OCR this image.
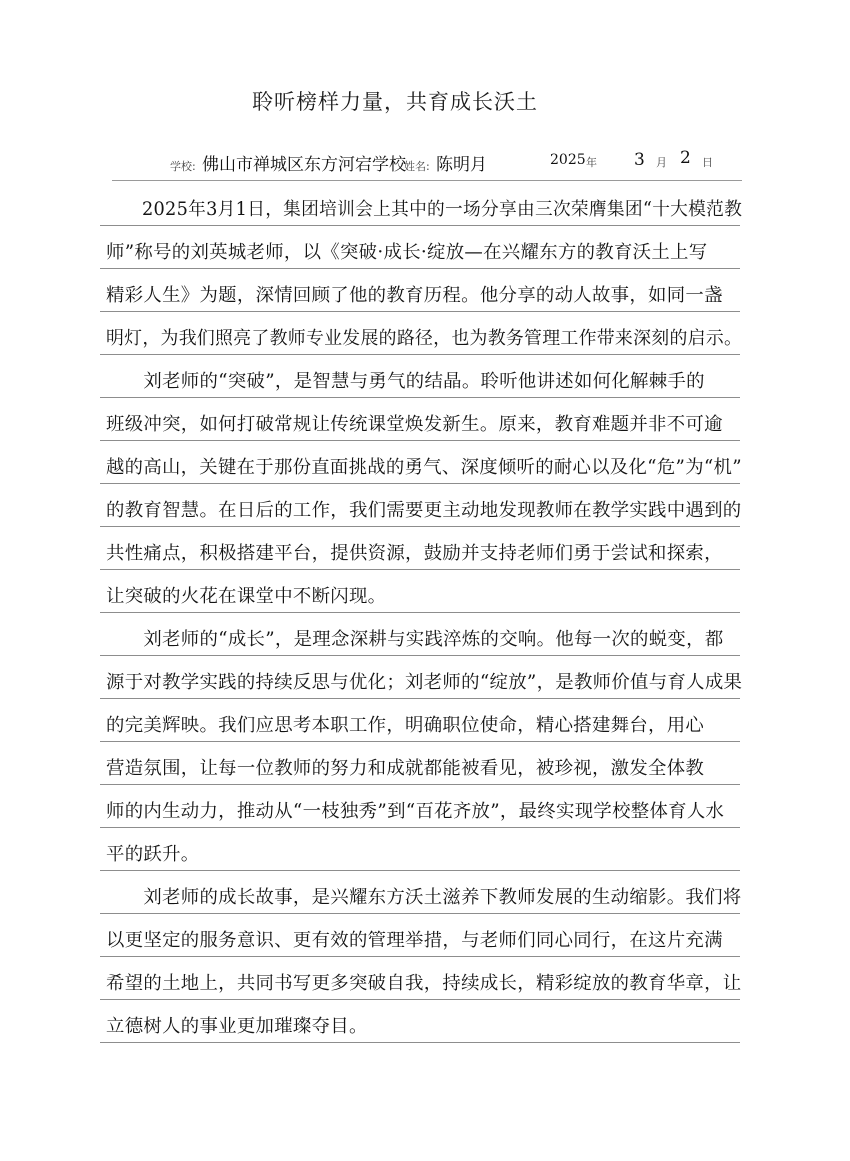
聆听榜样力量，共育成长沃土
学校: 佛山市禅城区东方河宕学校
姓名: 陈明月	2025 年 3 月 2 日
　　2025年3月1日，集团培训会上其中的一场分享由三次荣膺集团“十大模范教
师”称号的刘英城老师，以《突破·成长·绽放—在兴耀东方的教育沃土上写
精彩人生》为题，深情回顾了他的教育历程。他分享的动人故事，如同一盏
明灯，为我们照亮了教师专业发展的路径，也为教务管理工作带来深刻的启示。
　　刘老师的“突破”，是智慧与勇气的结晶。聆听他讲述如何化解棘手的
班级冲突，如何打破常规让传统课堂焕发新生。原来，教育难题并非不可逾
越的高山，关键在于那份直面挑战的勇气、深度倾听的耐心以及化“危”为“机”
的教育智慧。在日后的工作，我们需要更主动地发现教师在教学实践中遇到的
共性痛点，积极搭建平台，提供资源，鼓励并支持老师们勇于尝试和探索，
让突破的火花在课堂中不断闪现。
　　刘老师的“成长”，是理念深耕与实践淬炼的交响。他每一次的蜕变，都
源于对教学实践的持续反思与优化；刘老师的“绽放”，是教师价值与育人成果
的完美辉映。我们应思考本职工作，明确职位使命，精心搭建舞台，用心
营造氛围，让每一位教师的努力和成就都能被看见，被珍视，激发全体教
师的内生动力，推动从“一枝独秀”到“百花齐放”，最终实现学校整体育人水
平的跃升。
　　刘老师的成长故事，是兴耀东方沃土滋养下教师发展的生动缩影。我们将
以更坚定的服务意识、更有效的管理举措，与老师们同心同行，在这片充满
希望的土地上，共同书写更多突破自我，持续成长，精彩绽放的教育华章，让
立德树人的事业更加璀璨夺目。
